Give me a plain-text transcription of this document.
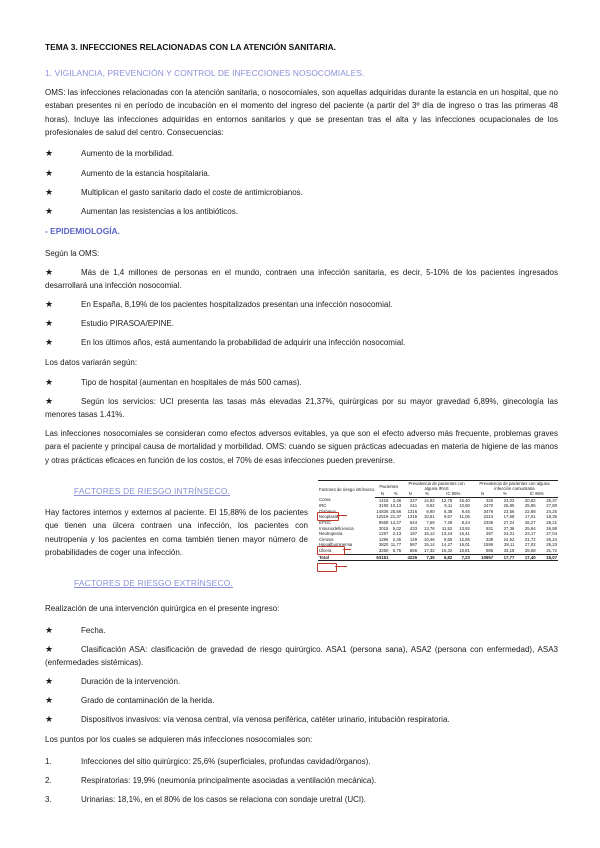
TEMA 3. INFECCIONES RELACIONADAS CON LA ATENCIÓN SANITARIA.
1. VIGILANCIA, PREVENCIÓN Y CONTROL DE INFECCIONES NOSOCOMIALES.
OMS: las infecciones relacionadas con la atención sanitaria, o nosocomiales, son aquellas adquiridas durante la estancia en un hospital, que no estaban presentes ni en período de incubación en el momento del ingreso del paciente (a partir del 3º día de ingreso o tras las primeras 48 horas). Incluye las infecciones adquiridas en entornos sanitarios y que se presentan tras el alta y las infecciones ocupacionales de los profesionales de salud del centro. Consecuencias:
★	Aumento de la morbilidad.
★	Aumento de la estancia hospitalaria.
★	Multiplican el gasto sanitario dado el coste de antimicrobianos.
★	Aumentan las resistencias a los antibióticos.
- EPIDEMIOLOGÍA.
Según la OMS:
★	Más de 1,4 millones de personas en el mundo, contraen una infección sanitaria, es decir, 5-10% de los pacientes ingresados desarrollará una infección nosocomial.
★	En España, 8,19% de los pacientes hospitalizados presentan una infección nosocomial.
★	Estudio PIRASOA/EPINE.
★	En los últimos años, está aumentando la probabilidad de adquirir una infección nosocomial.
Los datos variarán según:
★	Tipo de hospital (aumentan en hospitales de más 500 camas).
★	Según los servicios: UCI presenta las tasas más elevadas 21,37%, quirúrgicas por su mayor gravedad 6,89%, ginecología las menores tasas 1.41%.
Las infecciones nosocomiales se consideran como efectos adversos evitables, ya que son el efecto adverso más frecuente, problemas graves para el paciente y principal causa de mortalidad y morbilidad. OMS: cuando se siguen prácticas adecuadas en materia de higiene de las manos y otras prácticas eficaces en función de los costos, el 70% de esas infecciones pueden prevenirse.
FACTORES DE RIESGO INTRÍNSECO.
Hay factores internos y externos al paciente. El 15,88% de los pacientes que tienen una úlcera contraen una infección, los pacientes con neutropenia y los pacientes en coma también tienen mayor número de probabilidades de coger una infección.
FACTORES DE RIESGO EXTRÍNSECO.
Factores de riesgo intrínseco	Pacientes		Prevalencia de pacientes con alguna IRAS				Prevalencia de pacientes con alguna infección comunitaria			
	N	%	N	%	IC 95%		N	%	IC 95%	
Coma	1416	2,46	227	14,92	12,78	16,40	325	23,02	20,82	25,37
IRC	3190	10,13	611	9,92	9,11	10,80	2470	26,85	25,95	27,80
Diabetes	14836	25,56	1316	8,90	8,38	9,45	3476	23,56	22,88	24,25
Neoplasia	12519	21,37	1316	10,51	9,67	11,05	2213	17,68	17,01	18,35
EPOC	8568	14,27	644	7,69	7,28	8,24	2336	27,24	26,27	28,21
Inmunodeficiencia	3015	5,02	433	13,76	11,52	13,92	931	37,36	25,64	26,88
Neutropenia	1297	2,13	197	15,12	13,24	16,41	287	24,01	23,17	27,04
Cirrosis	1296	2,45	149	10,46	8,55	12,85	338	24,52	21,72	26,24
Hipoalbuminemia	3820	11,77	587	15,14	14,27	16,01	1595	28,11	27,02	29,23
Úlcera	3260	5,75	556	17,32	15,32	16,81	985	33,18	28,58	31,72
Total	63151		4226	7,35	6,82	7,23	10657	17,77	17,40	18,07
Realización de una intervención quirúrgica en el presente ingreso:
★	Fecha.
★	Clasificación ASA: clasificación de gravedad de riesgo quirúrgico. ASA1 (persona sana), ASA2 (persona con enfermedad), ASA3 (enfermedades sistémicas).
★	Duración de la intervención.
★	Grado de contaminación de la herida.
★	Dispositivos invasivos: vía venosa central, vía venosa periférica, catéter urinario, intubación respiratoria.
Los puntos por los cuales se adquieren más infecciones nosocomiales son:
1.	Infecciones del sitio quirúrgico: 25,6% (superficiales, profundas cavidad/órganos).
2.	Respiratorias: 19,9% (neumonía principalmente asociadas a ventilación mecánica).
3.	Urinarias: 18,1%, en el 80% de los casos se relaciona con sondaje uretral (UCI).
